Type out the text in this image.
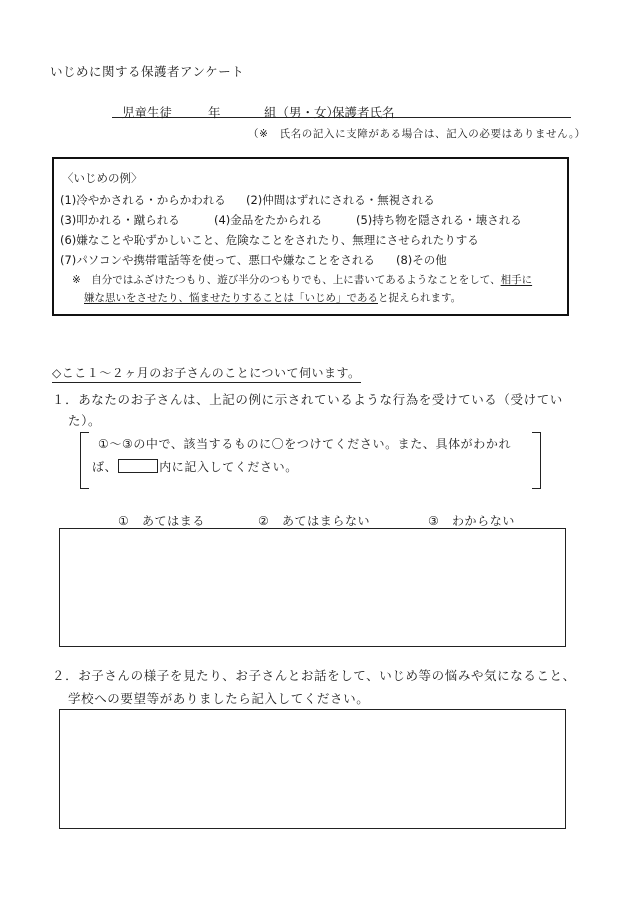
いじめに関する保護者アンケート
児童生徒	年	組（男・女）
保護者氏名
（※　氏名の記入に支障がある場合は、記入の必要はありません。）
〈いじめの例〉
(1)冷やかされる・からかわれる (2)仲間はずれにされる・無視される
(3)叩かれる・蹴られる	(4)金品をたかられる	(5)持ち物を隠される・壊される
(6)嫌なことや恥ずかしいこと、危険なことをされたり、無理にさせられたりする
(7)パソコンや携帯電話等を使って、悪口や嫌なことをされる (8)その他
※　自分ではふざけたつもり、遊び半分のつもりでも、上に書いてあるようなことをして、相手に
嫌な思いをさせたり、悩ませたりすることは「いじめ」であると捉えられます。
◇ここ１～２ヶ月のお子さんのことについて伺います。
１．あなたのお子さんは、上記の例に示されているような行為を受けている（受けてい
た）。
①～③の中で、該当するものに〇をつけてください。また、具体がわかれ
ば、	内に記入してください。
①　あてはまる	②　あてはまらない	③　わからない
２．お子さんの様子を見たり、お子さんとお話をして、いじめ等の悩みや気になること、
学校への要望等がありましたら記入してください。
